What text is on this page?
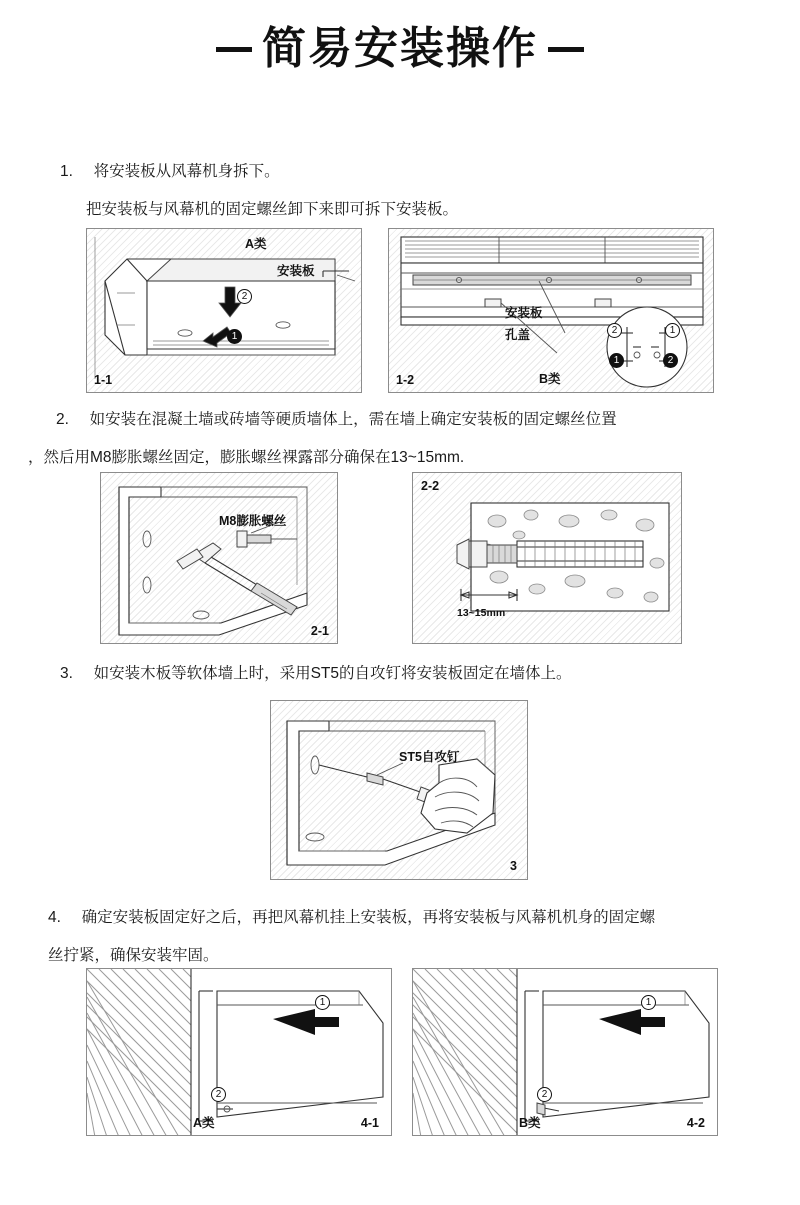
简易安装操作
1. 将安装板从风幕机身拆下。
把安装板与风幕机的固定螺丝卸下来即可拆下安装板。
A类
安装板
2
1
1-1
安装板
孔盖	2	1
1	2
1-2	B类
2. 如安装在混凝土墙或砖墙等硬质墙体上，需在墙上确定安装板的固定螺丝位置
，然后用M8膨胀螺丝固定，膨胀螺丝裸露部分确保在13~15mm.
M8膨胀螺丝
2-1
13~15mm
2-2
3. 如安装木板等软体墙上时，采用ST5的自攻钉将安装板固定在墙体上。
ST5自攻钉
3
4. 确定安装板固定好之后，再把风幕机挂上安装板，再将安装板与风幕机机身的固定螺
丝拧紧，确保安装牢固。
1
2
A类	4-1
1
2
B类	4-2
